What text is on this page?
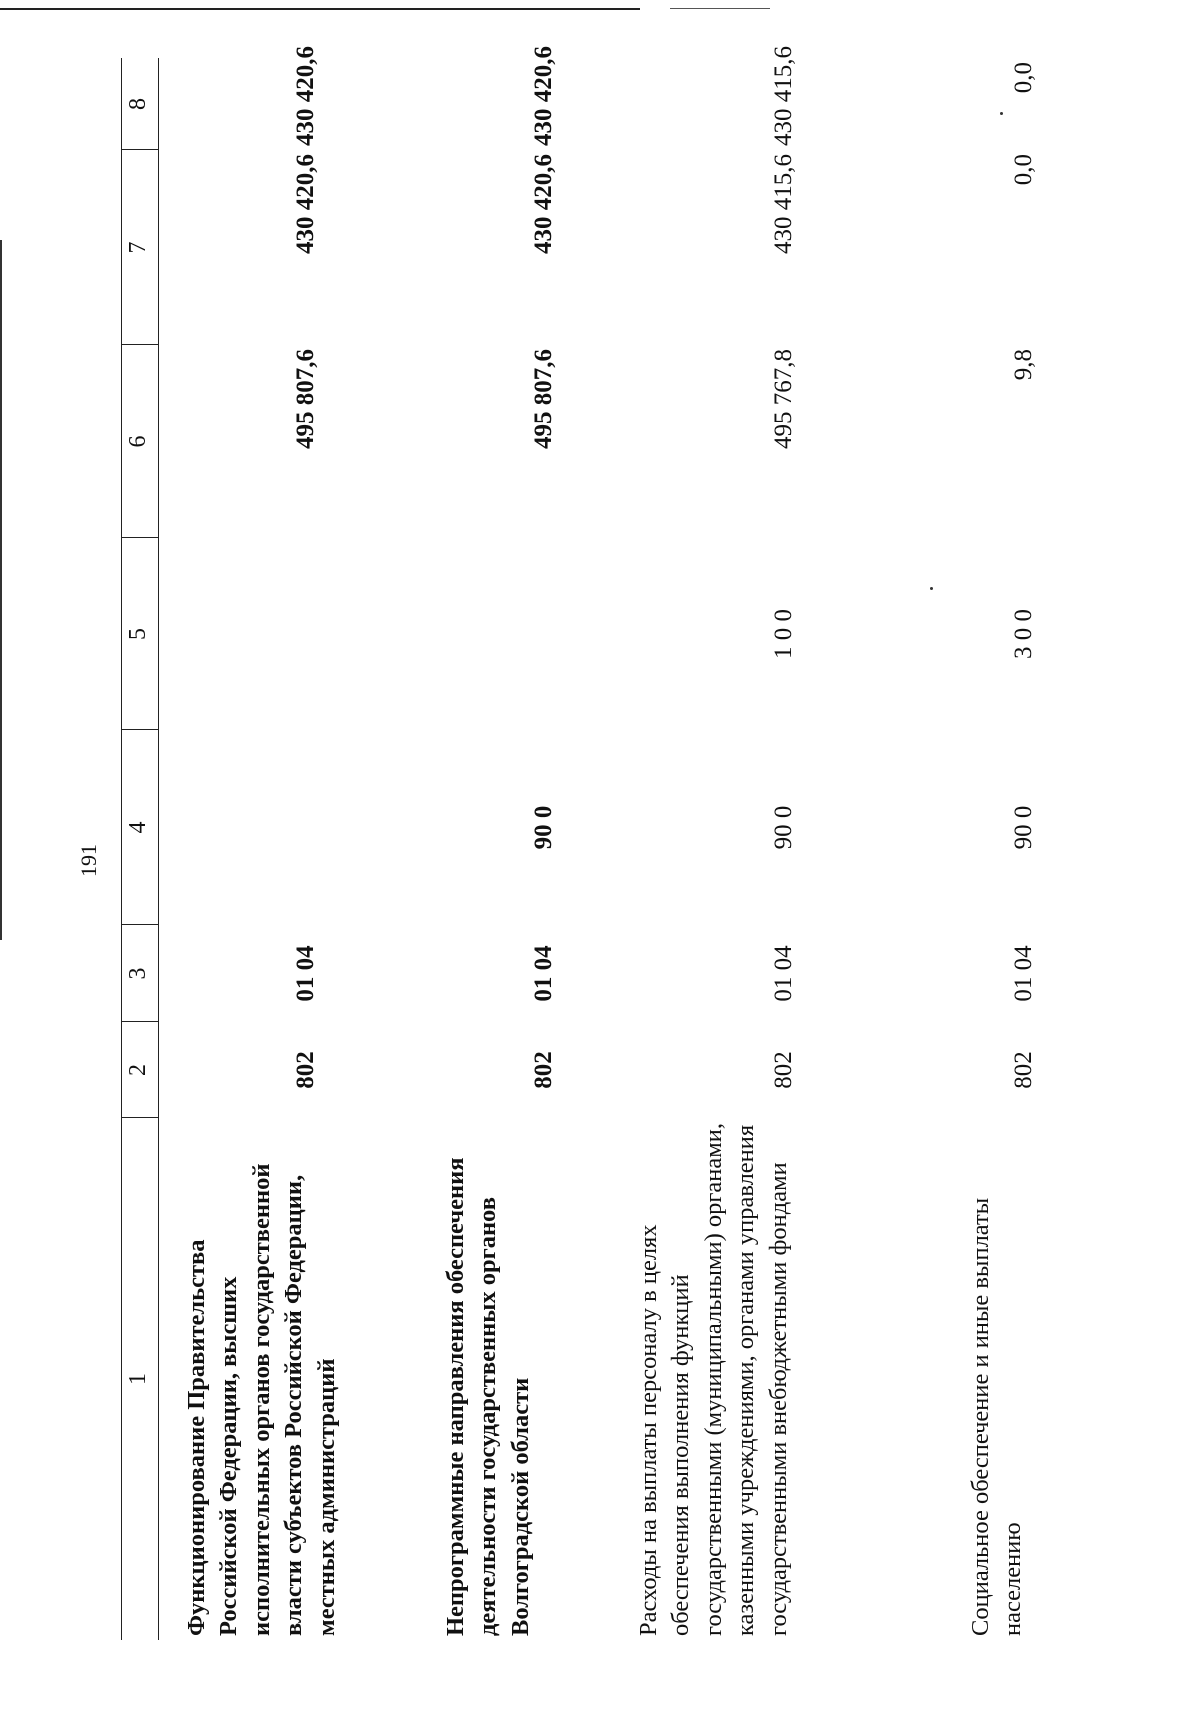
191
1
2
3
4
5
6
7
8
Функционирование Правительства Российской Федерации, высших исполнительных органов государственной власти субъектов Российской Федерации, местных администраций
802
01 04
495 807,6
430 420,6
430 420,6
Непрограммные направления обеспечения деятельности государственных органов Волгоградской области
802
01 04
90 0
495 807,6
430 420,6
430 420,6
Расходы на выплаты персоналу в целях обеспечения выполнения функций государственными (муниципальными) органами, казенными учреждениями, органами управления государственными внебюджетными фондами
802
01 04
90 0
1 0 0
495 767,8
430 415,6
430 415,6
Социальное обеспечение и иные выплаты населению
802
01 04
90 0
3 0 0
9,8
0,0
0,0
